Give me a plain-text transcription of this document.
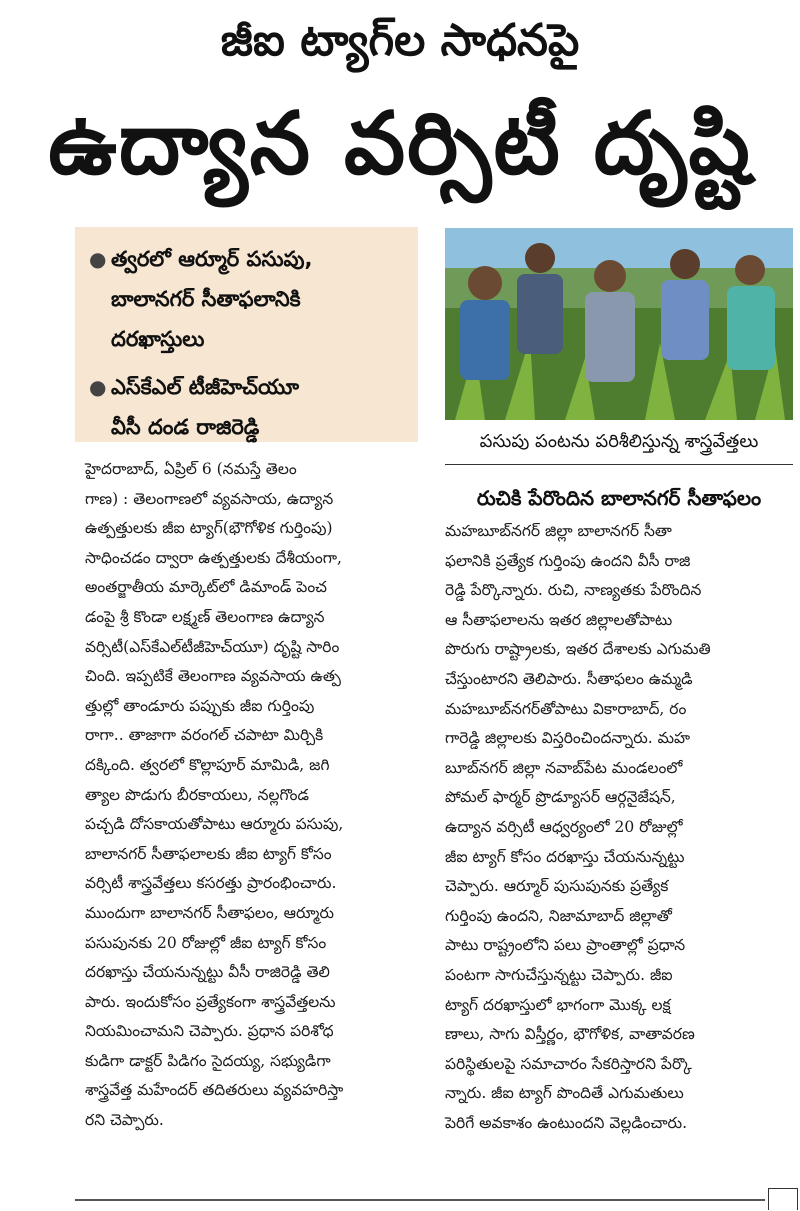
జీఐ ట్యాగ్‌ల సాధనపై
ఉద్యాన వర్సిటీ దృష్టి
● త్వరలో ఆర్మూర్ పసుపు,
బాలానగర్ సీతాఫలానికి
దరఖాస్తులు
● ఎస్‌కేఎల్ టీజీహెచ్‌యూ
వీసీ దండ రాజిరెడ్డి
పసుపు పంటను పరిశీలిస్తున్న శాస్త్రవేత్తలు
రుచికి పేరొందిన బాలానగర్ సీతాఫలం
హైదరాబాద్, ఏప్రిల్ 6 (నమస్తే తెలం
గాణ) : తెలంగాణలో వ్యవసాయ, ఉద్యాన
ఉత్పత్తులకు జీఐ ట్యాగ్(భౌగోళిక గుర్తింపు)
సాధించడం ద్వారా ఉత్పత్తులకు దేశీయంగా,
అంతర్జాతీయ మార్కెట్‌లో డిమాండ్ పెంచ
డంపై శ్రీ కొండా లక్ష్మణ్ తెలంగాణ ఉద్యాన
వర్సిటీ(ఎస్‌కేఎల్‌టీజీహెచ్‌యూ) దృష్టి సారిం
చింది. ఇప్పటికే తెలంగాణ వ్యవసాయ ఉత్ప
త్తుల్లో తాండూరు పప్పుకు జీఐ గుర్తింపు
రాగా.. తాజాగా వరంగల్ చపాటా మిర్చికి
దక్కింది. త్వరలో కొల్లాపూర్ మామిడి, జగి
త్యాల పొడుగు బీరకాయలు, నల్లగొండ
పచ్చడి దోసకాయతోపాటు ఆర్మూరు పసుపు,
బాలానగర్ సీతాఫలాలకు జీఐ ట్యాగ్ కోసం
వర్సిటీ శాస్త్రవేత్తలు కసరత్తు ప్రారంభించారు.
ముందుగా బాలానగర్ సీతాఫలం, ఆర్మూరు
పసుపునకు 20 రోజుల్లో జీఐ ట్యాగ్ కోసం
దరఖాస్తు చేయనున్నట్టు వీసీ రాజిరెడ్డి తెలి
పారు. ఇందుకోసం ప్రత్యేకంగా శాస్త్రవేత్తలను
నియమించామని చెప్పారు. ప్రధాన పరిశోధ
కుడిగా డాక్టర్ పిడిగం సైదయ్య, సభ్యుడిగా
శాస్త్రవేత్త మహేందర్ తదితరులు వ్యవహరిస్తా
రని చెప్పారు.
మహబూబ్‌నగర్ జిల్లా బాలానగర్ సీతా
ఫలానికి ప్రత్యేక గుర్తింపు ఉందని వీసీ రాజి
రెడ్డి పేర్కొన్నారు. రుచి, నాణ్యతకు పేరొందిన
ఆ సీతాఫలాలను ఇతర జిల్లాలతోపాటు
పొరుగు రాష్ట్రాలకు, ఇతర దేశాలకు ఎగుమతి
చేస్తుంటారని తెలిపారు. సీతాఫలం ఉమ్మడి
మహబూబ్‌నగర్‌తోపాటు వికారాబాద్, రం
గారెడ్డి జిల్లాలకు విస్తరించిందన్నారు. మహ
బూబ్‌నగర్ జిల్లా నవాబ్‌పేట మండలంలో
పోమల్ ఫార్మర్ ప్రొడ్యూసర్ ఆర్గనైజేషన్,
ఉద్యాన వర్సిటీ ఆధ్వర్యంలో 20 రోజుల్లో
జీఐ ట్యాగ్ కోసం దరఖాస్తు చేయనున్నట్టు
చెప్పారు. ఆర్మూర్ పుసుపునకు ప్రత్యేక
గుర్తింపు ఉందని, నిజామాబాద్ జిల్లాతో
పాటు రాష్ట్రంలోని పలు ప్రాంతాల్లో ప్రధాన
పంటగా సాగుచేస్తున్నట్టు చెప్పారు. జీఐ
ట్యాగ్ దరఖాస్తులో భాగంగా మొక్క లక్ష
ణాలు, సాగు విస్తీర్ణం, భౌగోళిక, వాతావరణ
పరిస్థితులపై సమాచారం సేకరిస్తారని పేర్కొ
న్నారు. జీఐ ట్యాగ్ పొందితే ఎగుమతులు
పెరిగే అవకాశం ఉంటుందని వెల్లడించారు.
